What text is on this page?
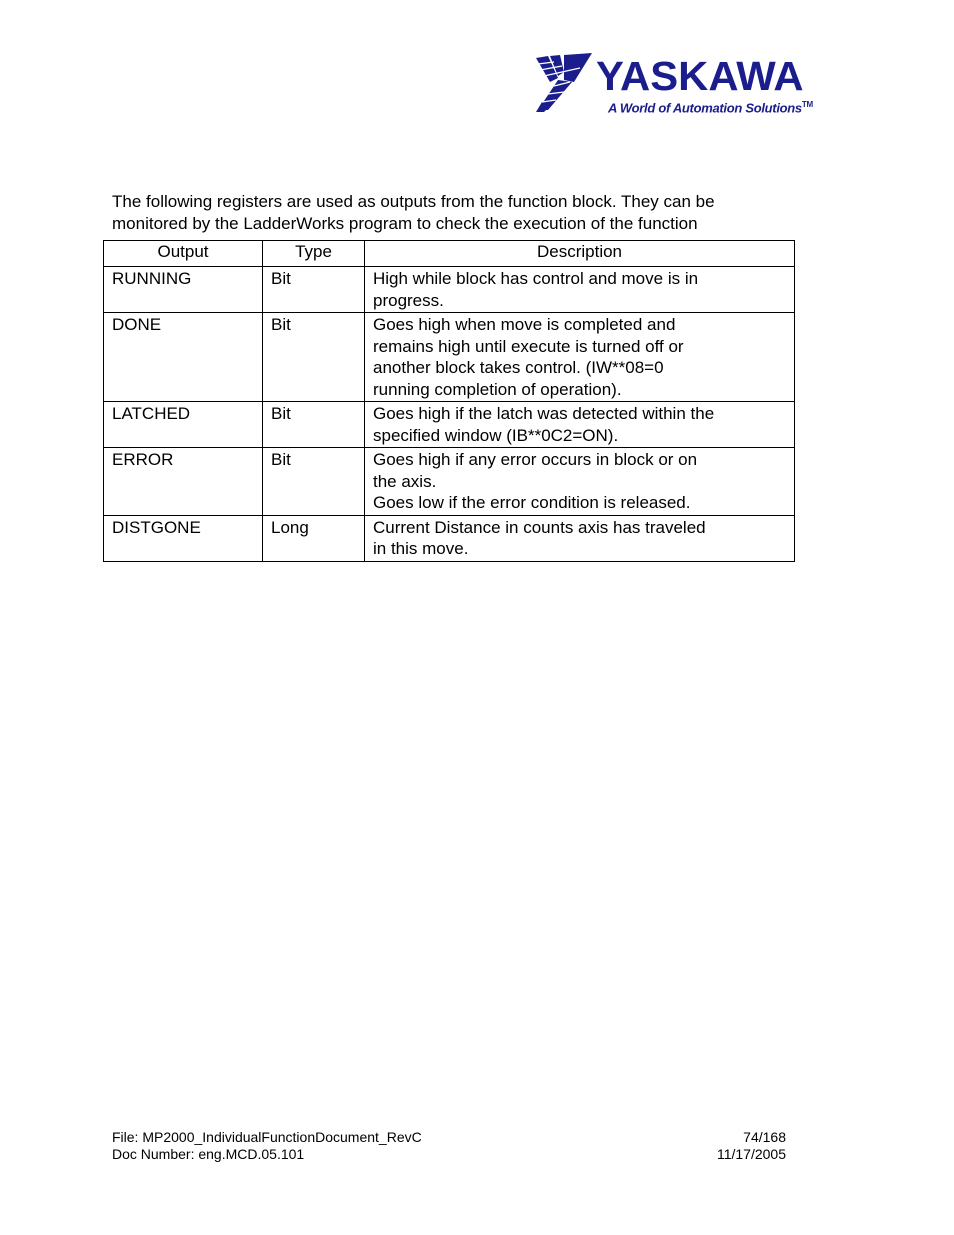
YASKAWA
A World of Automation Solutions™

The following registers are used as outputs from the function block. They can be

monitored by the LadderWorks program to check the execution of the function

Output	Type	Description
RUNNING	Bit	High while block has control and move is in
progress.

DONE	Bit	Goes high when move is completed and
remains high until execute is turned off or
another block takes control. (IW**08=0
running completion of operation).

LATCHED	Bit	Goes high if the latch was detected within the
specified window (IB**0C2=ON).

ERROR	Bit	Goes high if any error occurs in block or on
the axis.
Goes low if the error condition is released.

DISTGONE	Long	Current Distance in counts axis has traveled
in this move.
File: MP2000_IndividualFunctionDocument_RevC	74/168
Doc Number: eng.MCD.05.101	11/17/2005
